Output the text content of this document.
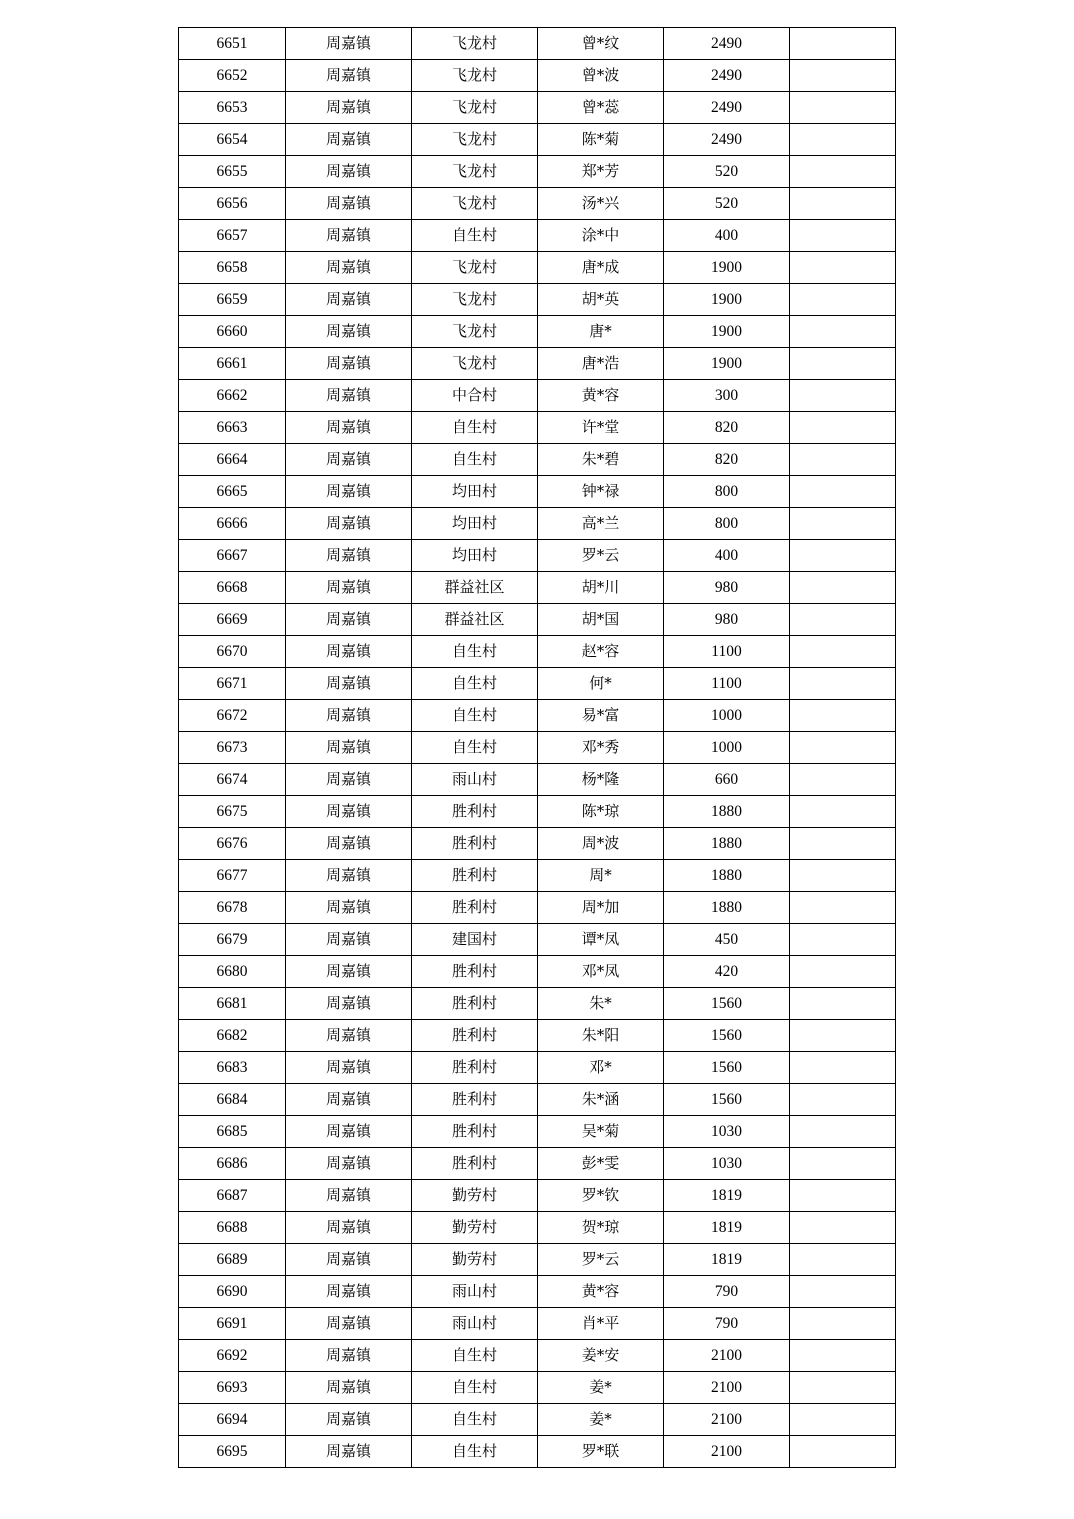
6651	周嘉镇	飞龙村	曾*纹	2490	
6652	周嘉镇	飞龙村	曾*波	2490	
6653	周嘉镇	飞龙村	曾*蕊	2490	
6654	周嘉镇	飞龙村	陈*菊	2490	
6655	周嘉镇	飞龙村	郑*芳	520	
6656	周嘉镇	飞龙村	汤*兴	520	
6657	周嘉镇	自生村	涂*中	400	
6658	周嘉镇	飞龙村	唐*成	1900	
6659	周嘉镇	飞龙村	胡*英	1900	
6660	周嘉镇	飞龙村	唐*	1900	
6661	周嘉镇	飞龙村	唐*浩	1900	
6662	周嘉镇	中合村	黄*容	300	
6663	周嘉镇	自生村	许*堂	820	
6664	周嘉镇	自生村	朱*碧	820	
6665	周嘉镇	均田村	钟*禄	800	
6666	周嘉镇	均田村	高*兰	800	
6667	周嘉镇	均田村	罗*云	400	
6668	周嘉镇	群益社区	胡*川	980	
6669	周嘉镇	群益社区	胡*国	980	
6670	周嘉镇	自生村	赵*容	1100	
6671	周嘉镇	自生村	何*	1100	
6672	周嘉镇	自生村	易*富	1000	
6673	周嘉镇	自生村	邓*秀	1000	
6674	周嘉镇	雨山村	杨*隆	660	
6675	周嘉镇	胜利村	陈*琼	1880	
6676	周嘉镇	胜利村	周*波	1880	
6677	周嘉镇	胜利村	周*	1880	
6678	周嘉镇	胜利村	周*加	1880	
6679	周嘉镇	建国村	谭*凤	450	
6680	周嘉镇	胜利村	邓*凤	420	
6681	周嘉镇	胜利村	朱*	1560	
6682	周嘉镇	胜利村	朱*阳	1560	
6683	周嘉镇	胜利村	邓*	1560	
6684	周嘉镇	胜利村	朱*涵	1560	
6685	周嘉镇	胜利村	吴*菊	1030	
6686	周嘉镇	胜利村	彭*雯	1030	
6687	周嘉镇	勤劳村	罗*钦	1819	
6688	周嘉镇	勤劳村	贺*琼	1819	
6689	周嘉镇	勤劳村	罗*云	1819	
6690	周嘉镇	雨山村	黄*容	790	
6691	周嘉镇	雨山村	肖*平	790	
6692	周嘉镇	自生村	姜*安	2100	
6693	周嘉镇	自生村	姜*	2100	
6694	周嘉镇	自生村	姜*	2100	
6695	周嘉镇	自生村	罗*联	2100	
